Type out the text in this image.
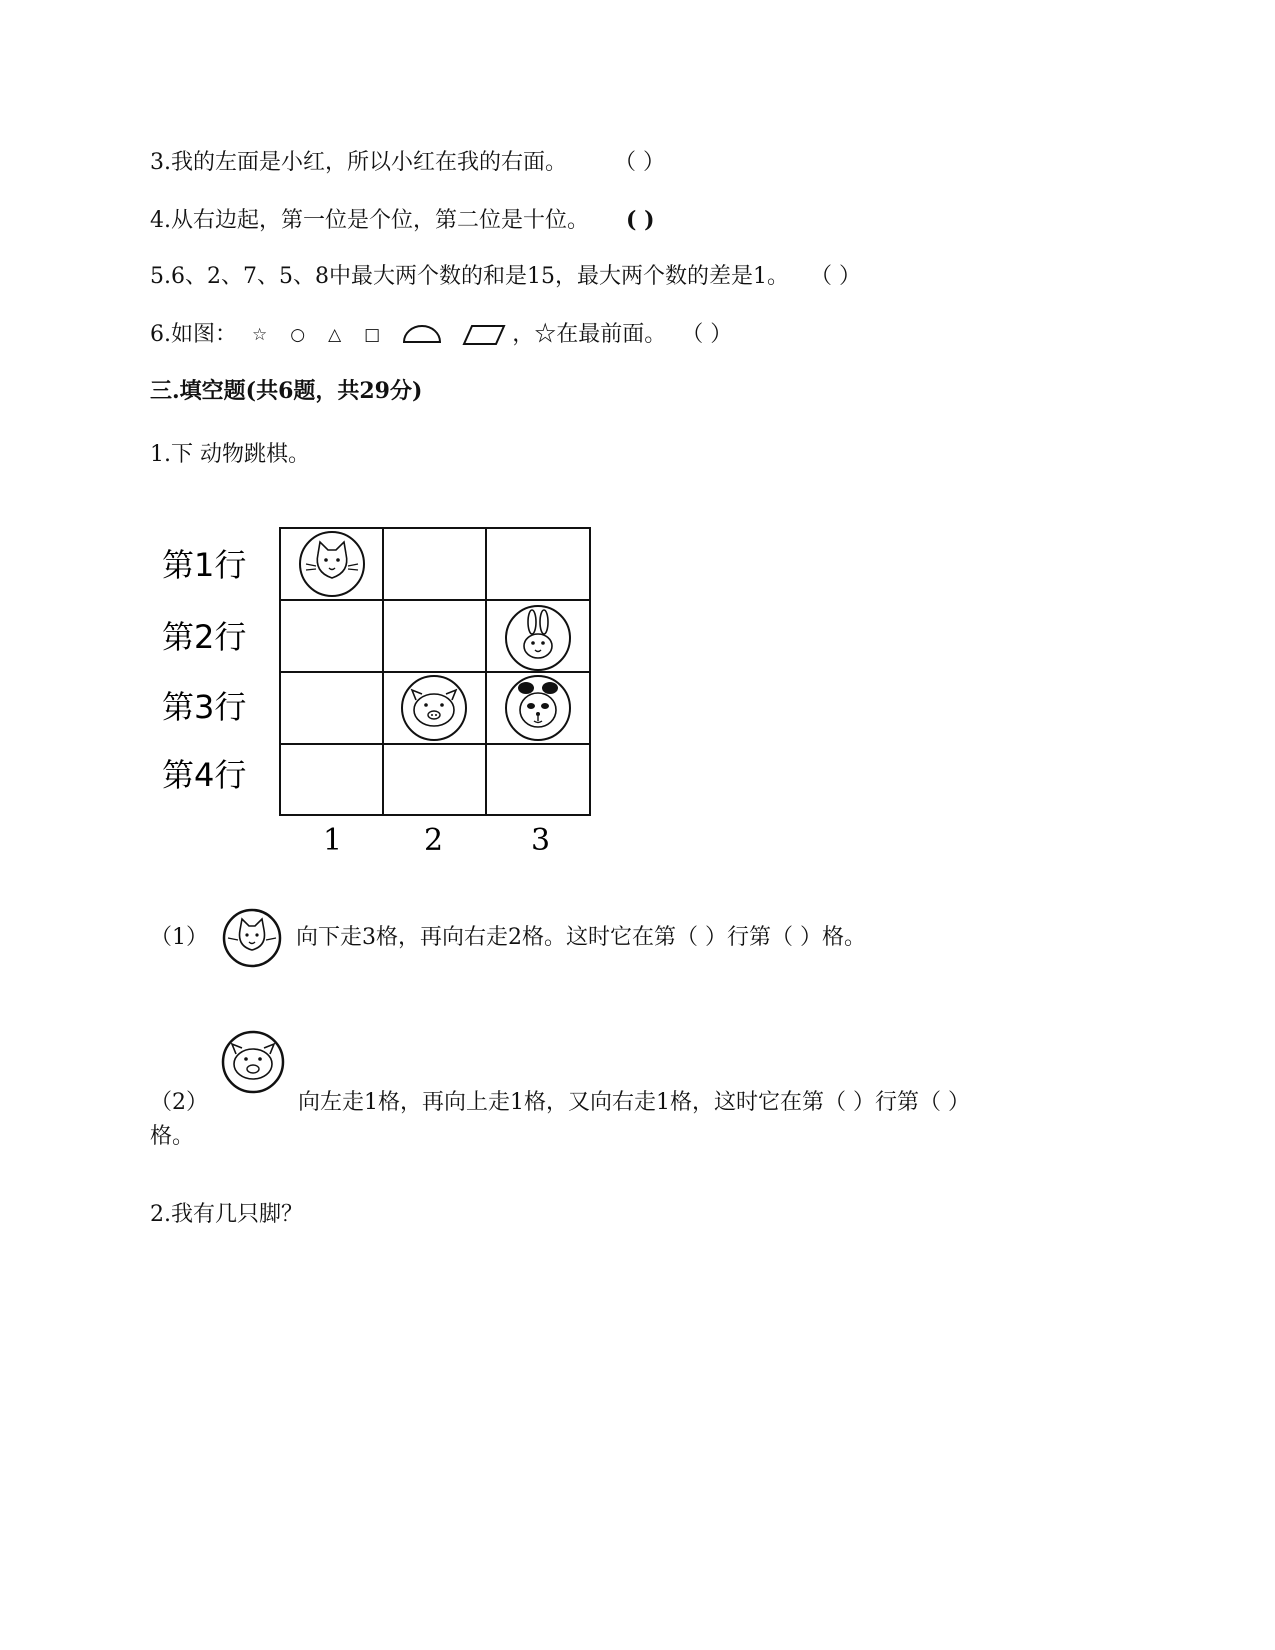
3.我的左面是小红，所以小红在我的右面。 （ ）
4.从右边起，第一位是个位，第二位是十位。 ( )
5.6、2、7、5、8中最大两个数的和是15，最大两个数的差是1。 （ ）
6.如图： ☆ ○ △ □	，☆在最前面。 （ ）
三.填空题(共6题，共29分)
1.下 动物跳棋。
第1行
第2行
第3行
第4行
1	2	3
（1）	向下走3格，再向右走2格。这时它在第（ ）行第（ ）格。
（2）	向左走1格，再向上走1格，又向右走1格，这时它在第（ ）行第（ ）
格。
2.我有几只脚？
